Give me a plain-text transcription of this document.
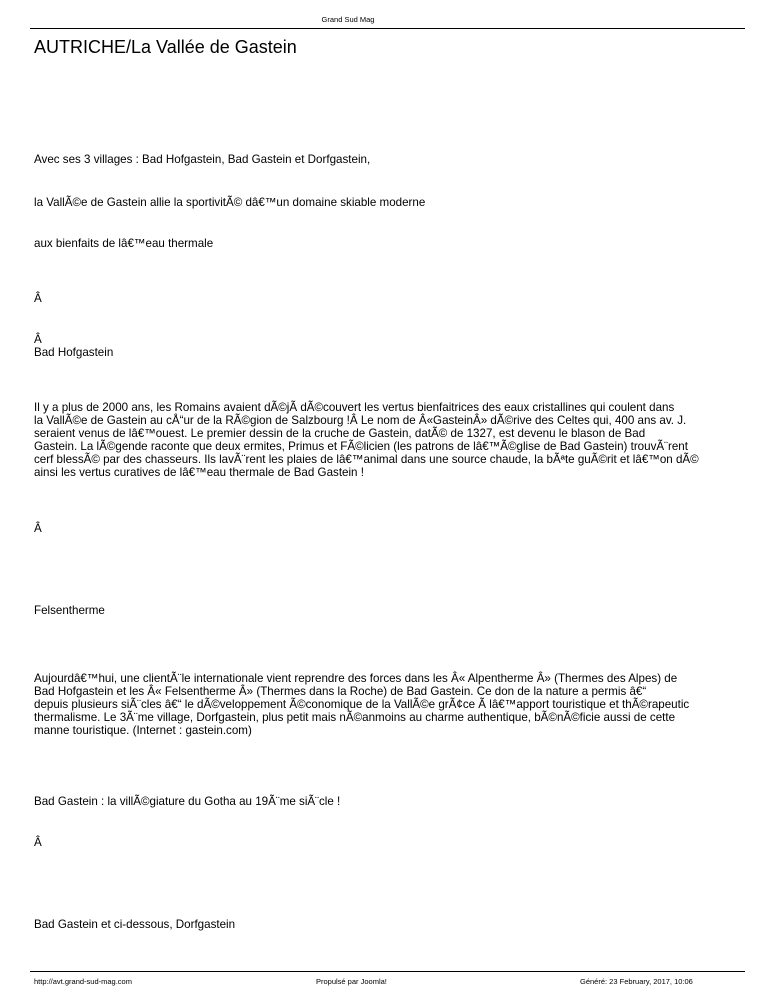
Grand Sud Mag
AUTRICHE/La Vallée de Gastein
Avec ses 3 villages : Bad Hofgastein, Bad Gastein et Dorfgastein,
la VallÃ©e de Gastein allie la sportivitÃ© dâ€™un domaine skiable moderne
aux bienfaits de lâ€™eau thermale
Â
Â
Bad Hofgastein
Il y a plus de 2000 ans, les Romains avaient dÃ©jÃ dÃ©couvert les vertus bienfaitrices des eaux cristallines qui coulent dans
la VallÃ©e de Gastein au cÅ“ur de la RÃ©gion de Salzbourg !Â Le nom de Â«GasteinÂ» dÃ©rive des Celtes qui, 400 ans av. J.
seraient venus de lâ€™ouest. Le premier dessin de la cruche de Gastein, datÃ© de 1327, est devenu le blason de Bad
Gastein. La lÃ©gende raconte que deux ermites, Primus et FÃ©licien (les patrons de lâ€™Ã©glise de Bad Gastein) trouvÃ¨rent
cerf blessÃ© par des chasseurs. Ils lavÃ¨rent les plaies de lâ€™animal dans une source chaude, la bÃªte guÃ©rit et lâ€™on dÃ©
ainsi les vertus curatives de lâ€™eau thermale de Bad Gastein !
Â
Felsentherme
Aujourdâ€™hui, une clientÃ¨le internationale vient reprendre des forces dans les Â« Alpentherme Â» (Thermes des Alpes) de
Bad Hofgastein et les Â« Felsentherme Â» (Thermes dans la Roche) de Bad Gastein. Ce don de la nature a permis â€“
depuis plusieurs siÃ¨cles â€“ le dÃ©veloppement Ã©conomique de la VallÃ©e grÃ¢ce Ã lâ€™apport touristique et thÃ©rapeutic
thermalisme. Le 3Ã¨me village, Dorfgastein, plus petit mais nÃ©anmoins au charme authentique, bÃ©nÃ©ficie aussi de cette
manne touristique. (Internet : gastein.com)
Bad Gastein : la villÃ©giature du Gotha au 19Ã¨me siÃ¨cle !
Â
Bad Gastein et ci-dessous, Dorfgastein
http://avt.grand-sud-mag.com	Propulsé par Joomla!	Généré: 23 February, 2017, 10:06
